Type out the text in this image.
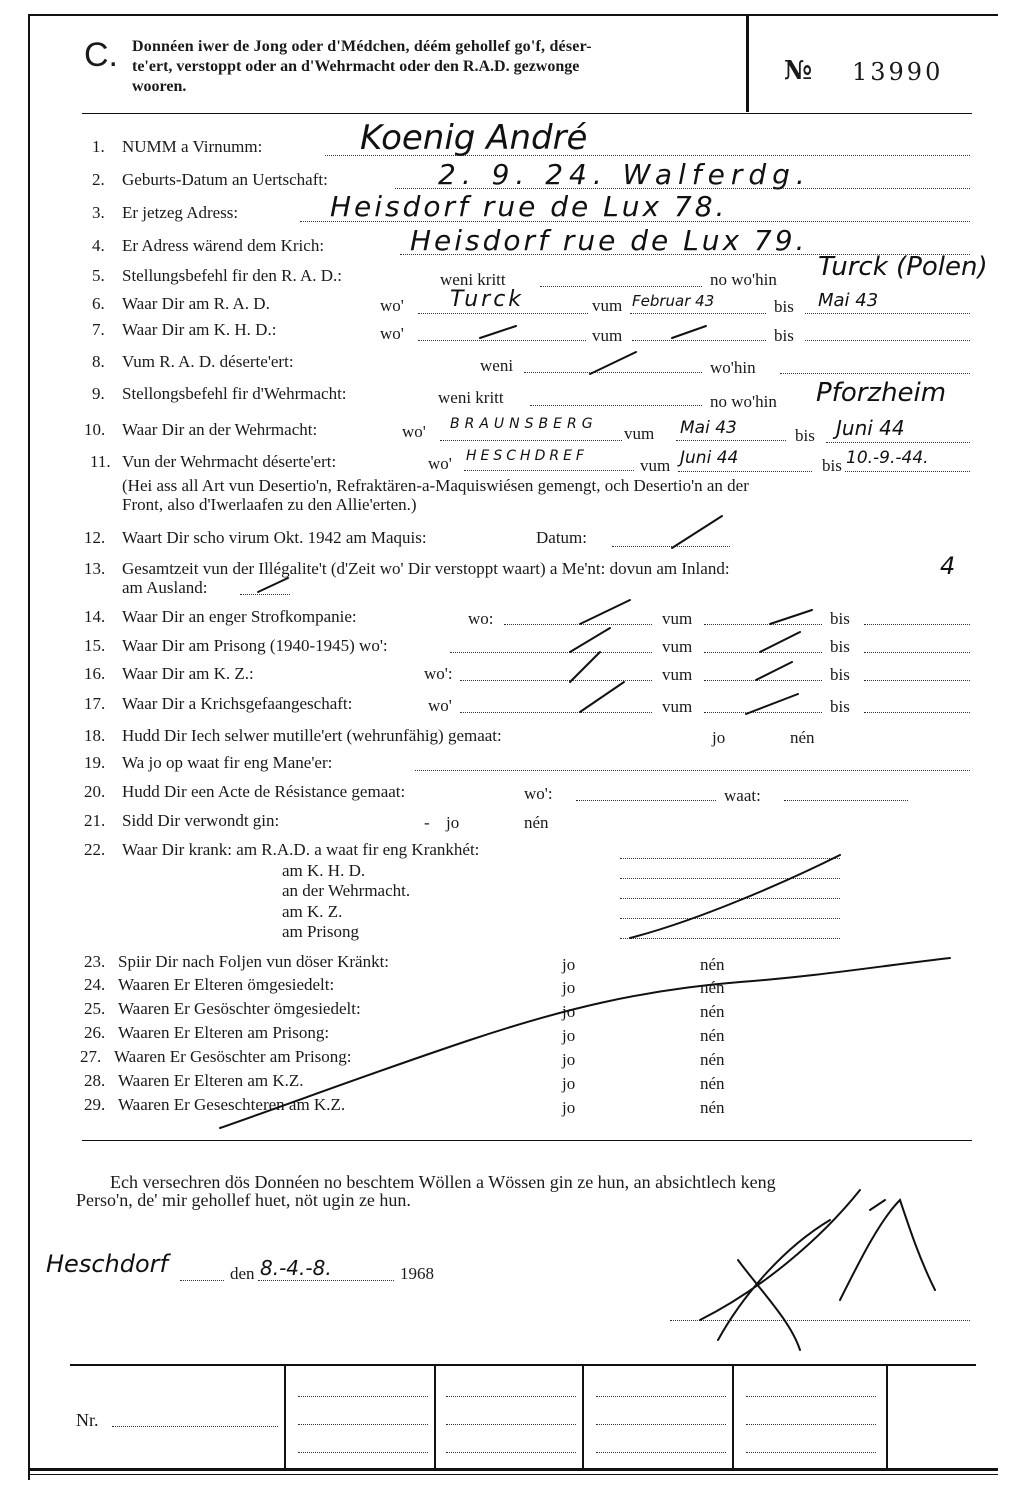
C. Donnéen iwer de Jong oder d'Médchen, déém gehollef go'f, déser-
te'ert, verstoppt oder an d'Wehrmacht oder den R.A.D. gezwonge
wooren.
№ 13990
1. NUMM a Virnumm:	Koenig André
2. Geburts-Datum an Uertschaft:	2. 9. 24. Walferdg.
3. Er jetzeg Adress:	Heisdorf rue de Lux 78.
4. Er Adress wärend dem Krich:	Heisdorf rue de Lux 79.
5. Stellungsbefehl fir den R. A. D.:	weni kritt	no wo'hin Turck (Polen)
6. Waar Dir am R. A. D.	wo' Turck	vum Februar 43	bis Mai 43
7. Waar Dir am K. H. D.:	wo'	vum	bis
8. Vum R. A. D. déserte'ert:	weni	wo'hin
9. Stellongsbefehl fir d'Wehrmacht:	weni kritt	no wo'hin Pforzheim
10. Waar Dir an der Wehrmacht:	wo' BRAUNSBERG vum Mai 43	bis Juni 44
11. Vun der Wehrmacht déserte'ert:	wo' HESCHDREF	vum Juni 44	bis 10.-9.-44.
(Hei ass all Art vun Desertio'n, Refraktären-a-Maquiswiésen gemengt, och Desertio'n an der
Front, also d'Iwerlaafen zu den Allie'erten.)
12. Waart Dir scho virum Okt. 1942 am Maquis:	Datum:
13. Gesamtzeit vun der Illégalite't (d'Zeit wo' Dir verstoppt waart) a Me'nt: dovun am Inland:	4
am Ausland:
14. Waar Dir an enger Strofkompanie:	wo:	vum	bis
15. Waar Dir am Prisong (1940-1945) wo':	vum	bis
16. Waar Dir am K. Z.:	wo':	vum	bis
17. Waar Dir a Krichsgefaangeschaft:	wo'	vum	bis
18. Hudd Dir Iech selwer mutille'ert (wehrunfähig) gemaat:	jo	nén
19. Wa jo op waat fir eng Mane'er:
20. Hudd Dir een Acte de Résistance gemaat:	wo':	waat:
21. Sidd Dir verwondt gin:	- jo	nén
22. Waar Dir krank: am R.A.D. a waat fir eng Krankhét:
am K. H. D.
an der Wehrmacht.
am K. Z.
am Prisong
23. Spiir Dir nach Foljen vun döser Kränkt:	jo	nén
24. Waaren Er Elteren ömgesiedelt:	jo	nén
25. Waaren Er Gesöschter ömgesiedelt:	jo	nén
26. Waaren Er Elteren am Prisong:	jo	nén
27. Waaren Er Gesöschter am Prisong:	jo	nén
28. Waaren Er Elteren am K.Z.	jo	nén
29. Waaren Er Geseschteren am K.Z.	jo	nén
Ech versechren dös Donnéen no beschtem Wöllen a Wössen gin ze hun, an absichtlech keng
Perso'n, de' mir gehollef huet, nöt ugin ze hun.
Heschdorf	den 8.-4.-8.	1968
Nr.
